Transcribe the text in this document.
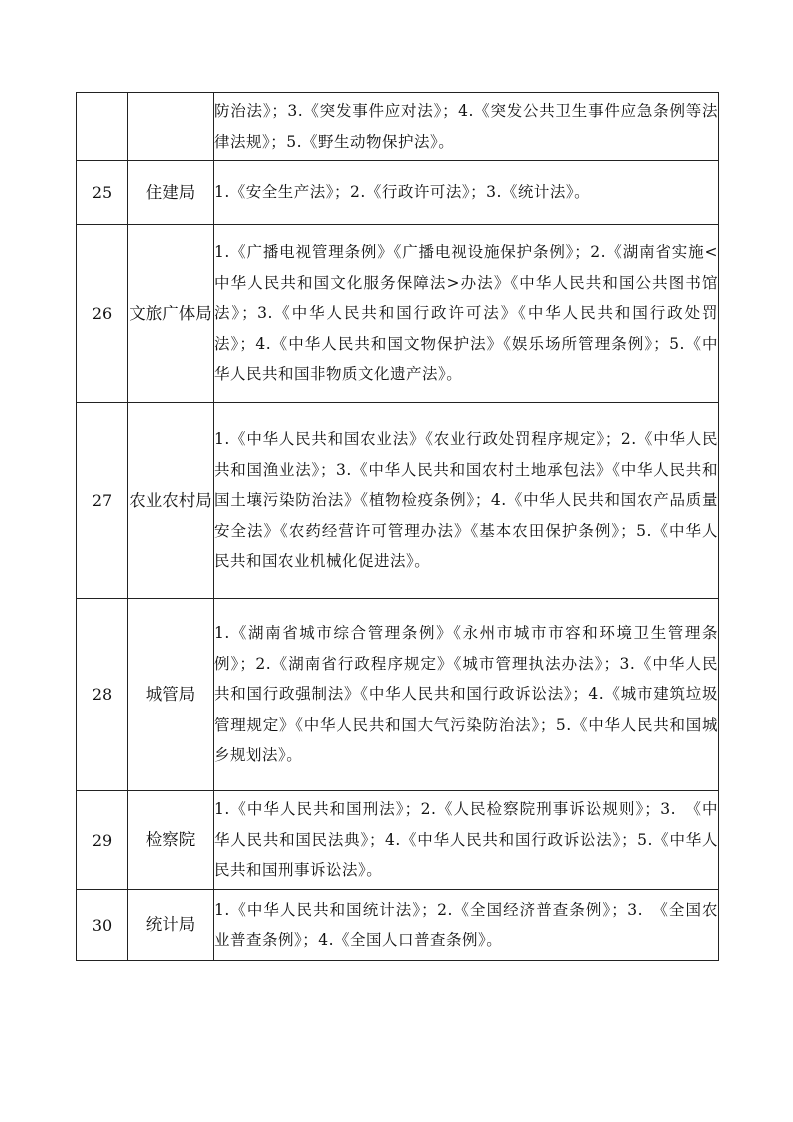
		防治法》；3.《突发事件应对法》；4.《突发公共卫生事件应急条例等法律法规》；5.《野生动物保护法》。
25	住建局	1.《安全生产法》；2.《行政许可法》；3.《统计法》。
26	文旅广体局	1.《广播电视管理条例》《广播电视设施保护条例》；2.《湖南省实施<中华人民共和国文化服务保障法>办法》《中华人民共和国公共图书馆法》；3.《中华人民共和国行政许可法》《中华人民共和国行政处罚法》；4.《中华人民共和国文物保护法》《娱乐场所管理条例》；5.《中华人民共和国非物质文化遗产法》。
27	农业农村局	1.《中华人民共和国农业法》《农业行政处罚程序规定》；2.《中华人民共和国渔业法》；3.《中华人民共和国农村土地承包法》《中华人民共和国土壤污染防治法》《植物检疫条例》；4.《中华人民共和国农产品质量安全法》《农药经营许可管理办法》《基本农田保护条例》；5.《中华人民共和国农业机械化促进法》。
28	城管局	1.《湖南省城市综合管理条例》《永州市城市市容和环境卫生管理条例》；2.《湖南省行政程序规定》《城市管理执法办法》；3.《中华人民共和国行政强制法》《中华人民共和国行政诉讼法》；4.《城市建筑垃圾管理规定》《中华人民共和国大气污染防治法》；5.《中华人民共和国城乡规划法》。
29	检察院	1.《中华人民共和国刑法》；2.《人民检察院刑事诉讼规则》；3.　《中华人民共和国民法典》；4.《中华人民共和国行政诉讼法》；5.《中华人民共和国刑事诉讼法》。
30	统计局	1.《中华人民共和国统计法》；2.《全国经济普查条例》；3.　《全国农业普查条例》；4.《全国人口普查条例》。
